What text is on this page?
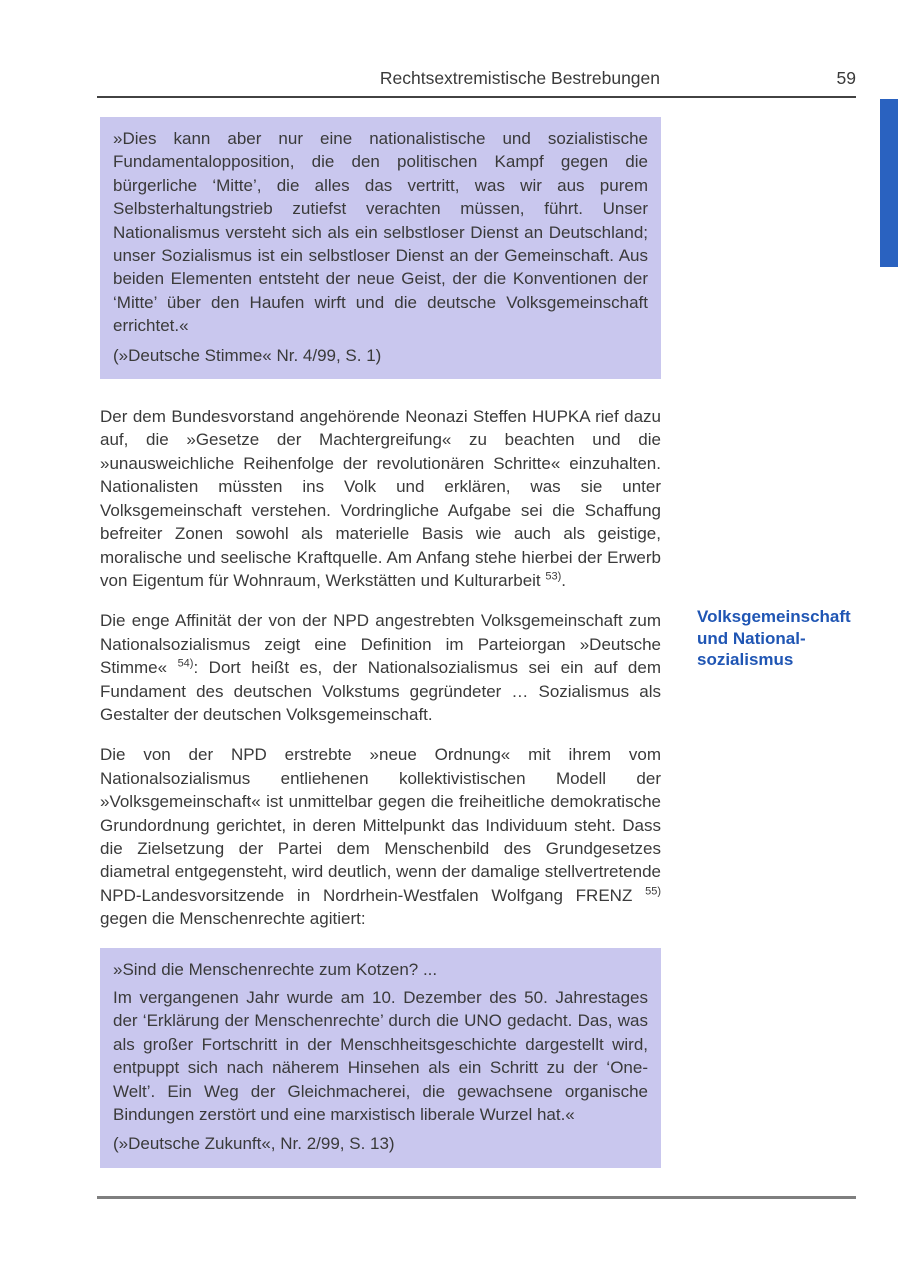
Rechtsextremistische Bestrebungen	59

»Dies kann aber nur eine nationalistische und sozialistische Fundamentalopposition, die den politischen Kampf gegen die bürgerliche ‘Mitte’, die alles das vertritt, was wir aus purem Selbsterhaltungstrieb zutiefst verachten müssen, führt. Unser Nationalismus versteht sich als ein selbstloser Dienst an Deutschland; unser Sozialismus ist ein selbstloser Dienst an der Gemeinschaft. Aus beiden Elementen entsteht der neue Geist, der die Konventionen der ‘Mitte’ über den Haufen wirft und die deutsche Volksgemeinschaft errichtet.«

(»Deutsche Stimme« Nr. 4/99, S. 1)

Der dem Bundesvorstand angehörende Neonazi Steffen HUPKA rief dazu auf, die »Gesetze der Machtergreifung« zu beachten und die »unausweichliche Reihenfolge der revolutionären Schritte« einzuhalten. Nationalisten müssten ins Volk und erklären, was sie unter Volksgemeinschaft verstehen. Vordringliche Aufgabe sei die Schaffung befreiter Zonen sowohl als materielle Basis wie auch als geistige, moralische und seelische Kraftquelle. Am Anfang stehe hierbei der Erwerb von Eigentum für Wohnraum, Werkstätten und Kulturarbeit $^{53)}$.

Die enge Affinität der von der NPD angestrebten Volksgemeinschaft zum Nationalsozialismus zeigt eine Definition im Parteiorgan »Deutsche Stimme« $^{54)}$: Dort heißt es, der Nationalsozialismus sei ein auf dem Fundament des deutschen Volkstums gegründeter … Sozialismus als Gestalter der deutschen Volksgemeinschaft.

Die von der NPD erstrebte »neue Ordnung« mit ihrem vom Nationalsozialismus entliehenen kollektivistischen Modell der »Volksgemeinschaft« ist unmittelbar gegen die freiheitliche demokratische Grundordnung gerichtet, in deren Mittelpunkt das Individuum steht. Dass die Zielsetzung der Partei dem Menschenbild des Grundgesetzes diametral entgegensteht, wird deutlich, wenn der damalige stellvertretende NPD-Landesvorsitzende in Nordrhein-Westfalen Wolfgang FRENZ $^{55)}$ gegen die Menschenrechte agitiert:

»Sind die Menschenrechte zum Kotzen? ...

Im vergangenen Jahr wurde am 10. Dezember des 50. Jahrestages der ‘Erklärung der Menschenrechte’ durch die UNO gedacht. Das, was als großer Fortschritt in der Menschheitsgeschichte dargestellt wird, entpuppt sich nach näherem Hinsehen als ein Schritt zu der ‘One-Welt’. Ein Weg der Gleichmacherei, die gewachsene organische Bindungen zerstört und eine marxistisch liberale Wurzel hat.«

(»Deutsche Zukunft«, Nr. 2/99, S. 13)

Volksgemeinschaft
und National-
sozialismus
